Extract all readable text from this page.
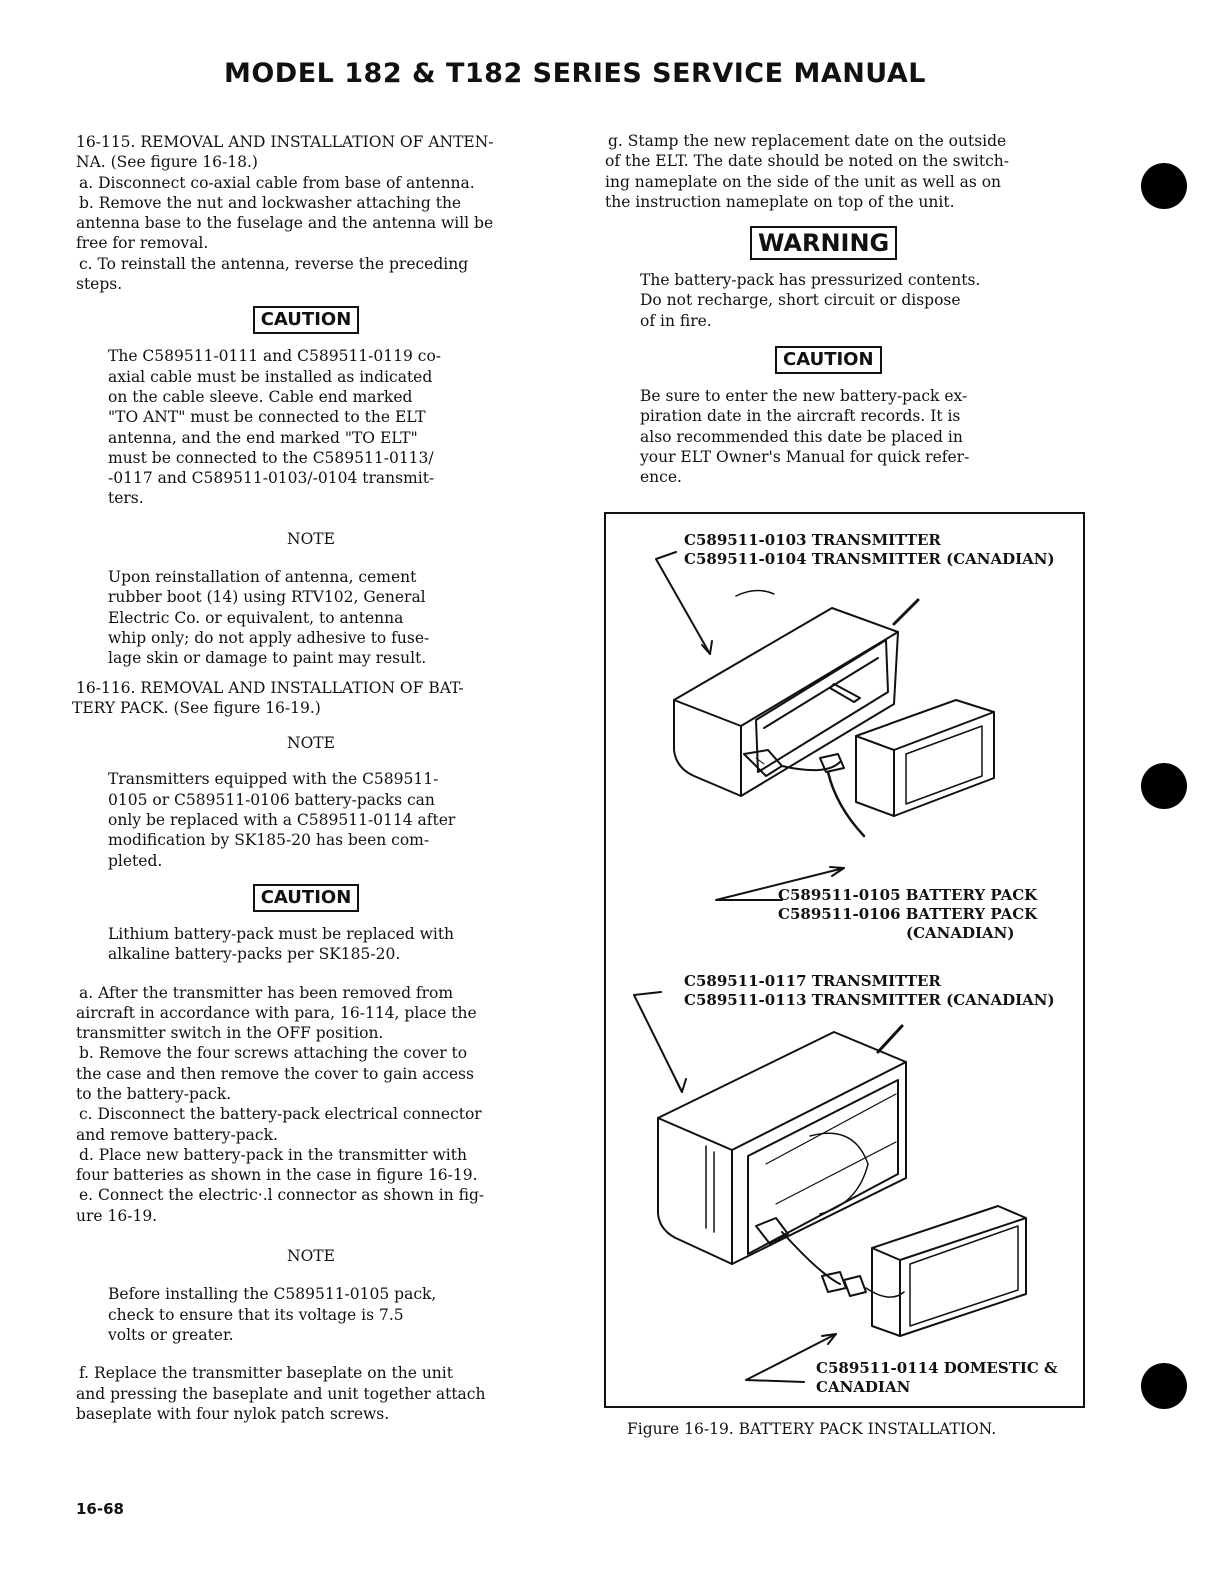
MODEL 182 & T182 SERIES SERVICE MANUAL

16-115. REMOVAL AND INSTALLATION OF ANTEN-

NA. (See figure 16-18.)

a. Disconnect co-axial cable from base of antenna.

b. Remove the nut and lockwasher attaching the

antenna base to the fuselage and the antenna will be

free for removal.

c. To reinstall the antenna, reverse the preceding

steps.

CAUTION

The C589511-0111 and C589511-0119 co-

axial cable must be installed as indicated

on the cable sleeve. Cable end marked

"TO ANT" must be connected to the ELT

antenna, and the end marked "TO ELT"

must be connected to the C589511-0113/

-0117 and C589511-0103/-0104 transmit-

ters.

NOTE

Upon reinstallation of antenna, cement

rubber boot (14) using RTV102, General

Electric Co. or equivalent, to antenna

whip only; do not apply adhesive to fuse-

lage skin or damage to paint may result.

16-116. REMOVAL AND INSTALLATION OF BAT-

TERY PACK. (See figure 16-19.)

NOTE

Transmitters equipped with the C589511-

0105 or C589511-0106 battery-packs can

only be replaced with a C589511-0114 after

modification by SK185-20 has been com-

pleted.

CAUTION

Lithium battery-pack must be replaced with

alkaline battery-packs per SK185-20.

a. After the transmitter has been removed from

aircraft in accordance with para, 16-114, place the

transmitter switch in the OFF position.

b. Remove the four screws attaching the cover to

the case and then remove the cover to gain access

to the battery-pack.

c. Disconnect the battery-pack electrical connector

and remove battery-pack.

d. Place new battery-pack in the transmitter with

four batteries as shown in the case in figure 16-19.

e. Connect the electric·.l connector as shown in fig-

ure 16-19.

NOTE

Before installing the C589511-0105 pack,

check to ensure that its voltage is 7.5

volts or greater.

f. Replace the transmitter baseplate on the unit

and pressing the baseplate and unit together attach

baseplate with four nylok patch screws.

g. Stamp the new replacement date on the outside

of the ELT. The date should be noted on the switch-

ing nameplate on the side of the unit as well as on

the instruction nameplate on top of the unit.

WARNING

The battery-pack has pressurized contents.

Do not recharge, short circuit or dispose

of in fire.

CAUTION

Be sure to enter the new battery-pack ex-

piration date in the aircraft records. It is

also recommended this date be placed in

your ELT Owner's Manual for quick refer-

ence.

C589511-0103 TRANSMITTER
C589511-0104 TRANSMITTER (CANADIAN)
C589511-0105 BATTERY PACK
C589511-0106 BATTERY PACK
(CANADIAN)
C589511-0117 TRANSMITTER
C589511-0113 TRANSMITTER (CANADIAN)
C589511-0114 DOMESTIC &
CANADIAN
Figure 16-19. BATTERY PACK INSTALLATION.
16-68
